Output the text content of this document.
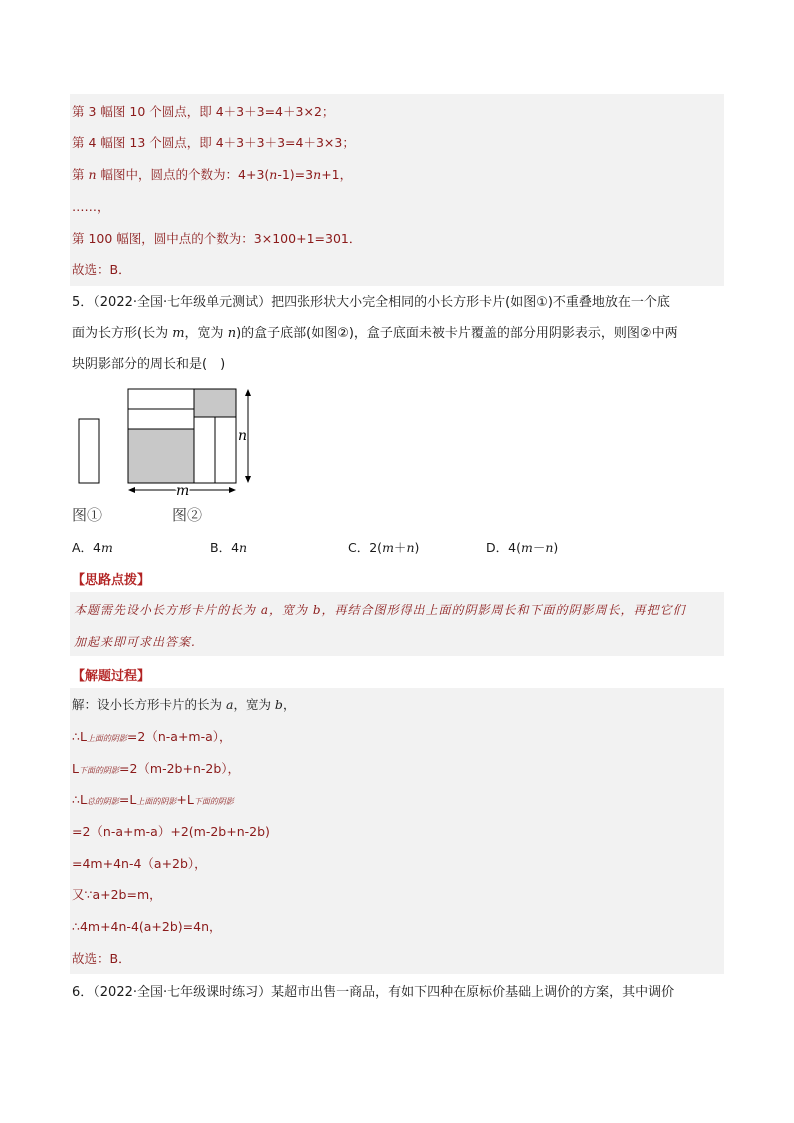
第 3 幅图 10 个圆点，即 4＋3＋3=4＋3×2；
第 4 幅图 13 个圆点，即 4＋3＋3＋3=4＋3×3；
第 n 幅图中，圆点的个数为：4+3(n-1)=3n+1，
……，
第 100 幅图，圆中点的个数为：3×100+1=301．
故选：B．
5．（2022·全国·七年级单元测试）把四张形状大小完全相同的小长方形卡片(如图①)不重叠地放在一个底
面为长方形(长为 m，宽为 n)的盒子底部(如图②)，盒子底面未被卡片覆盖的部分用阴影表示，则图②中两
块阴影部分的周长和是(　)
n
m
图①	图②
A．4m	B．4n	C．2(m＋n)	D．4(m－n)
【思路点拨】
本题需先设小长方形卡片的长为 a，宽为 b，再结合图形得出上面的阴影周长和下面的阴影周长，再把它们
加起来即可求出答案.
【解题过程】
解：设小长方形卡片的长为 a，宽为 b，
∴L上面的阴影=2（n-a+m-a），
L下面的阴影=2（m-2b+n-2b），
∴L总的阴影=L上面的阴影+L下面的阴影
=2（n-a+m-a）+2(m-2b+n-2b)
=4m+4n-4（a+2b），
又∵a+2b=m，
∴4m+4n-4(a+2b)=4n，
故选：B．
6．（2022·全国·七年级课时练习）某超市出售一商品，有如下四种在原标价基础上调价的方案，其中调价
